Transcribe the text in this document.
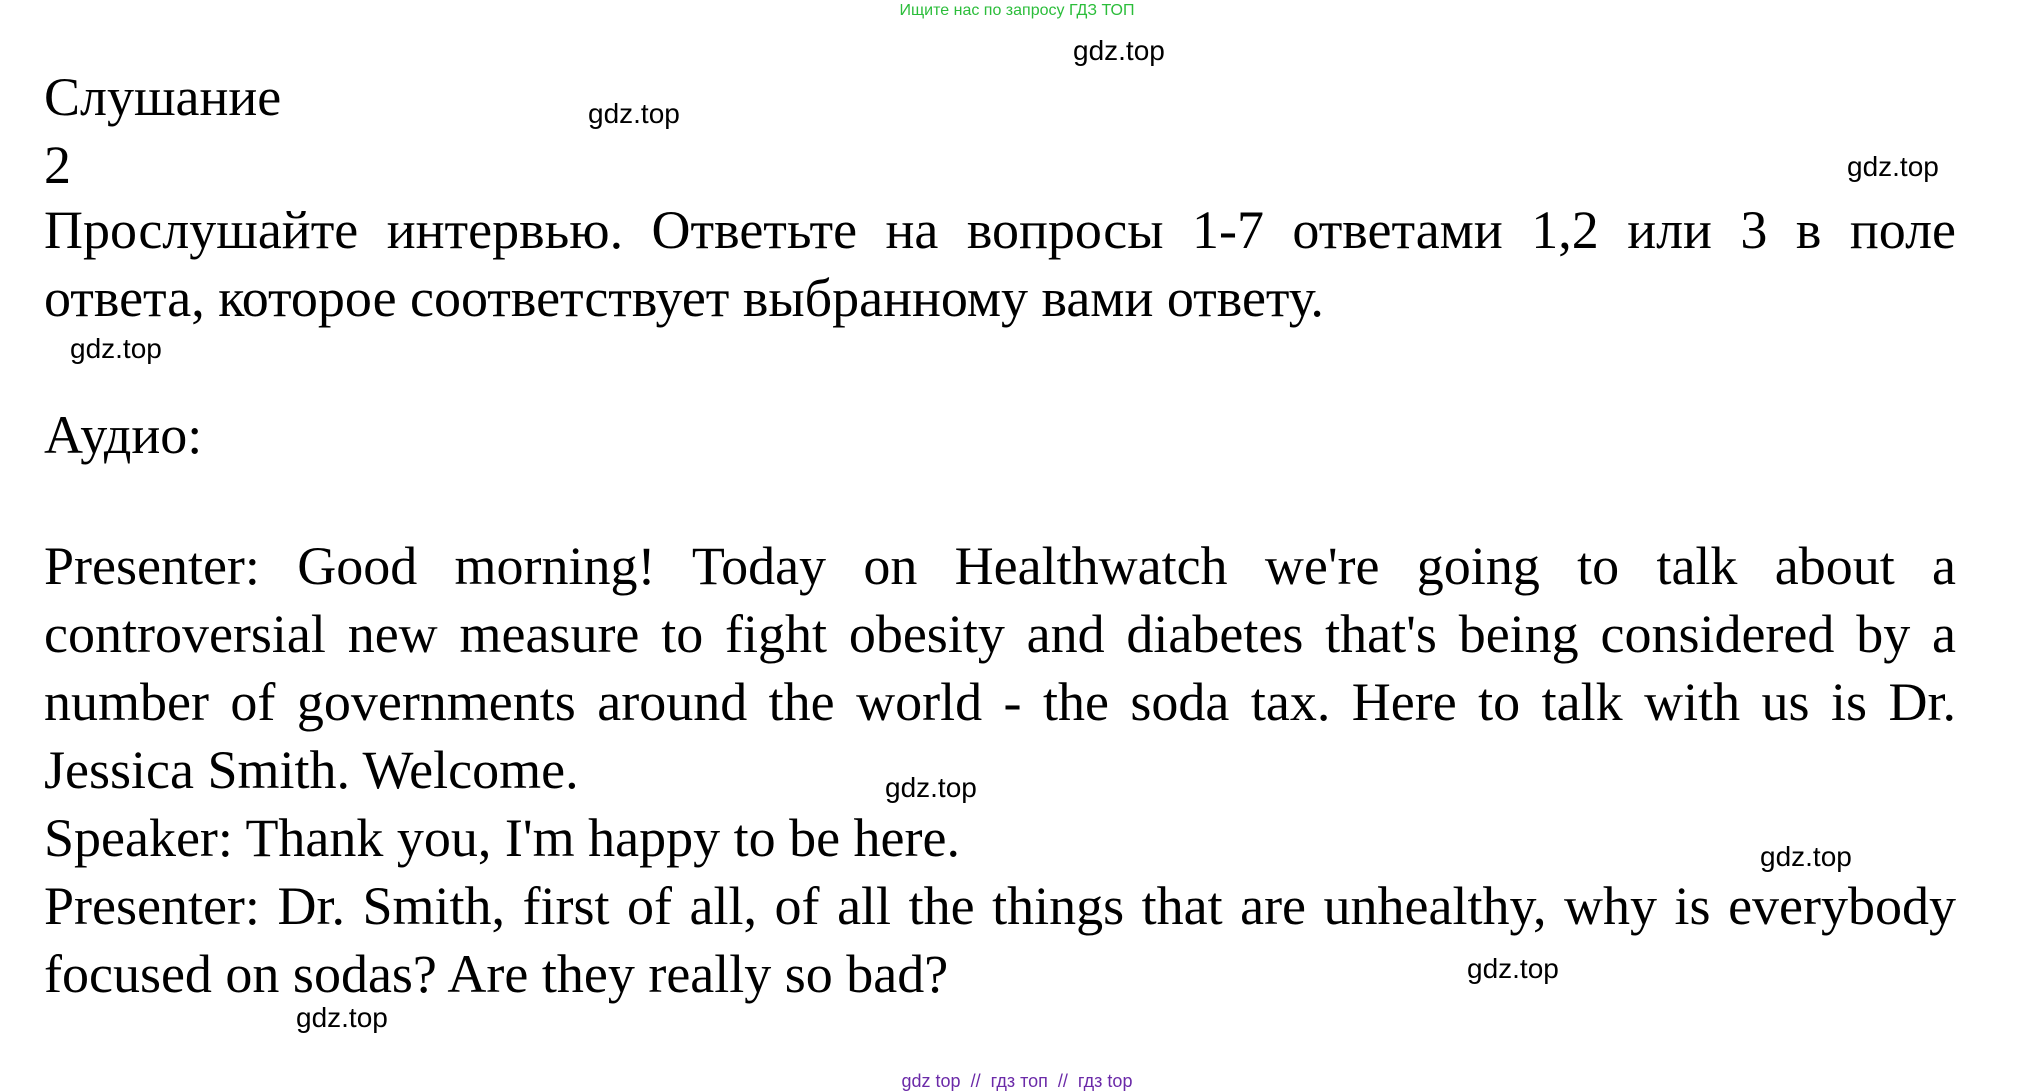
Ищите нас по запросу ГДЗ ТОП
gdz.top
gdz.top
gdz.top
gdz.top
gdz.top
gdz.top
gdz.top
gdz.top
Слушание
2

Прослушайте интервью. Ответьте на вопросы 1-7 ответами 1,2 или 3 в поле ответа, которое соответствует выбранному вами ответу.

Аудио:

Presenter: Good morning! Today on Healthwatch we're going to talk about a controversial new measure to fight obesity and diabetes that's being considered by a number of governments around the world - the soda tax. Here to talk with us is Dr. Jessica Smith. Welcome.

Speaker: Thank you, I'm happy to be here.

Presenter: Dr. Smith, first of all, of all the things that are unhealthy, why is everybody focused on sodas? Are they really so bad?

gdz top // гдз топ // гдз top
